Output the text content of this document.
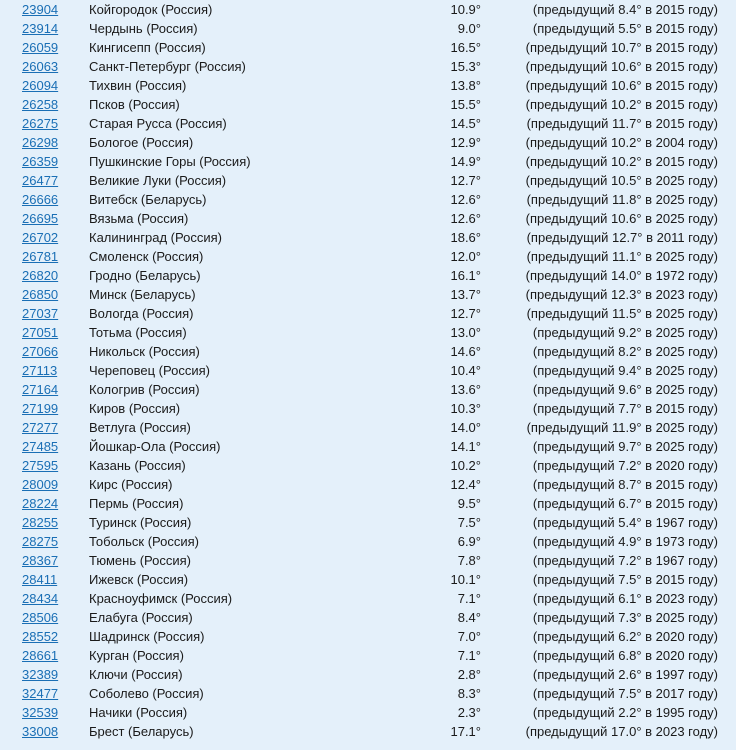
23904 Койгородок (Россия)	10.9°	(предыдущий 8.4° в 2015 году)
23914 Чердынь (Россия)	9.0°	(предыдущий 5.5° в 2015 году)
26059 Кингисепп (Россия)	16.5°	(предыдущий 10.7° в 2015 году)
26063 Санкт-Петербург (Россия)	15.3°	(предыдущий 10.6° в 2015 году)
26094 Тихвин (Россия)	13.8°	(предыдущий 10.6° в 2015 году)
26258 Псков (Россия)	15.5°	(предыдущий 10.2° в 2015 году)
26275 Старая Русса (Россия)	14.5°	(предыдущий 11.7° в 2015 году)
26298 Бологое (Россия)	12.9°	(предыдущий 10.2° в 2004 году)
26359 Пушкинские Горы (Россия)	14.9°	(предыдущий 10.2° в 2015 году)
26477 Великие Луки (Россия)	12.7°	(предыдущий 10.5° в 2025 году)
26666 Витебск (Беларусь)	12.6°	(предыдущий 11.8° в 2025 году)
26695 Вязьма (Россия)	12.6°	(предыдущий 10.6° в 2025 году)
26702 Калининград (Россия)	18.6°	(предыдущий 12.7° в 2011 году)
26781 Смоленск (Россия)	12.0°	(предыдущий 11.1° в 2025 году)
26820 Гродно (Беларусь)	16.1°	(предыдущий 14.0° в 1972 году)
26850 Минск (Беларусь)	13.7°	(предыдущий 12.3° в 2023 году)
27037 Вологда (Россия)	12.7°	(предыдущий 11.5° в 2025 году)
27051 Тотьма (Россия)	13.0°	(предыдущий 9.2° в 2025 году)
27066 Никольск (Россия)	14.6°	(предыдущий 8.2° в 2025 году)
27113 Череповец (Россия)	10.4°	(предыдущий 9.4° в 2025 году)
27164 Кологрив (Россия)	13.6°	(предыдущий 9.6° в 2025 году)
27199 Киров (Россия)	10.3°	(предыдущий 7.7° в 2015 году)
27277 Ветлуга (Россия)	14.0°	(предыдущий 11.9° в 2025 году)
27485 Йошкар-Ола (Россия)	14.1°	(предыдущий 9.7° в 2025 году)
27595 Казань (Россия)	10.2°	(предыдущий 7.2° в 2020 году)
28009 Кирс (Россия)	12.4°	(предыдущий 8.7° в 2015 году)
28224 Пермь (Россия)	9.5°	(предыдущий 6.7° в 2015 году)
28255 Туринск (Россия)	7.5°	(предыдущий 5.4° в 1967 году)
28275 Тобольск (Россия)	6.9°	(предыдущий 4.9° в 1973 году)
28367 Тюмень (Россия)	7.8°	(предыдущий 7.2° в 1967 году)
28411 Ижевск (Россия)	10.1°	(предыдущий 7.5° в 2015 году)
28434 Красноуфимск (Россия)	7.1°	(предыдущий 6.1° в 2023 году)
28506 Елабуга (Россия)	8.4°	(предыдущий 7.3° в 2025 году)
28552 Шадринск (Россия)	7.0°	(предыдущий 6.2° в 2020 году)
28661 Курган (Россия)	7.1°	(предыдущий 6.8° в 2020 году)
32389 Ключи (Россия)	2.8°	(предыдущий 2.6° в 1997 году)
32477 Соболево (Россия)	8.3°	(предыдущий 7.5° в 2017 году)
32539 Начики (Россия)	2.3°	(предыдущий 2.2° в 1995 году)
33008 Брест (Беларусь)	17.1°	(предыдущий 17.0° в 2023 году)
